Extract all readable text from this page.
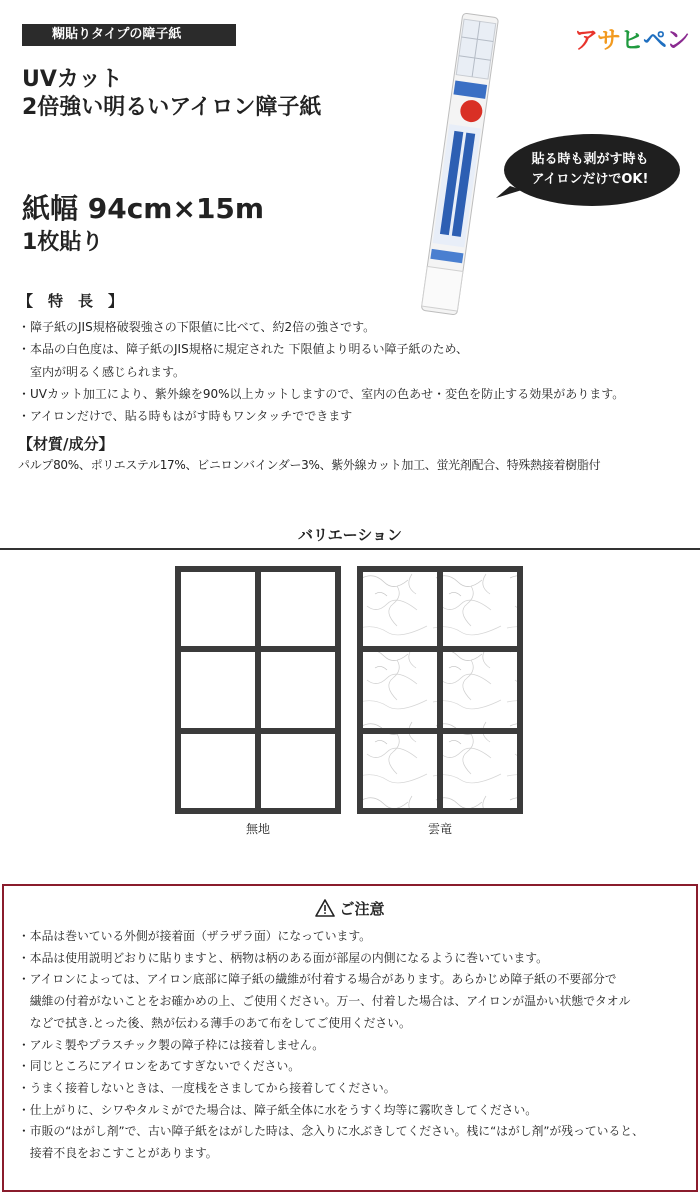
糊貼りタイプの障子紙	アサヒペン
UVカット
2倍強い明るいアイロン障子紙
紙幅 94cm×15m
1枚貼り
貼る時も剥がす時も
アイロンだけでOK!
【　特　長　】
・障子紙のJIS規格破裂強さの下限値に比べて、約2倍の強さです。
・本品の白色度は、障子紙のJIS規格に規定された 下限値より明るい障子紙のため、
　室内が明るく感じられます。
・UVカット加工により、紫外線を90%以上カットしますので、室内の色あせ・変色を防止する効果があります。
・アイロンだけで、貼る時もはがす時もワンタッチでできます
【材質/成分】
パルプ80%、ポリエステル17%、ビニロンバインダー3%、紫外線カット加工、蛍光剤配合、特殊熱接着樹脂付
バリエーション
無地	雲竜
ご注意
・本品は巻いている外側が接着面（ザラザラ面）になっています。
・本品は使用説明どおりに貼りますと、柄物は柄のある面が部屋の内側になるように巻いています。
・アイロンによっては、アイロン底部に障子紙の繊維が付着する場合があります。あらかじめ障子紙の不要部分で
　繊維の付着がないことをお確かめの上、ご使用ください。万一、付着した場合は、アイロンが温かい状態でタオル
　などで拭き.とった後、熱が伝わる薄手のあて布をしてご使用ください。
・アルミ製やプラスチック製の障子枠には接着しません。
・同じところにアイロンをあてすぎないでください。
・うまく接着しないときは、一度桟をさましてから接着してください。
・仕上がりに、シワやタルミがでた場合は、障子紙全体に水をうすく均等に霧吹きしてください。
・市販の“はがし剤”で、古い障子紙をはがした時は、念入りに水ぶきしてください。桟に“はがし剤”が残っていると、
　接着不良をおこすことがあります。
